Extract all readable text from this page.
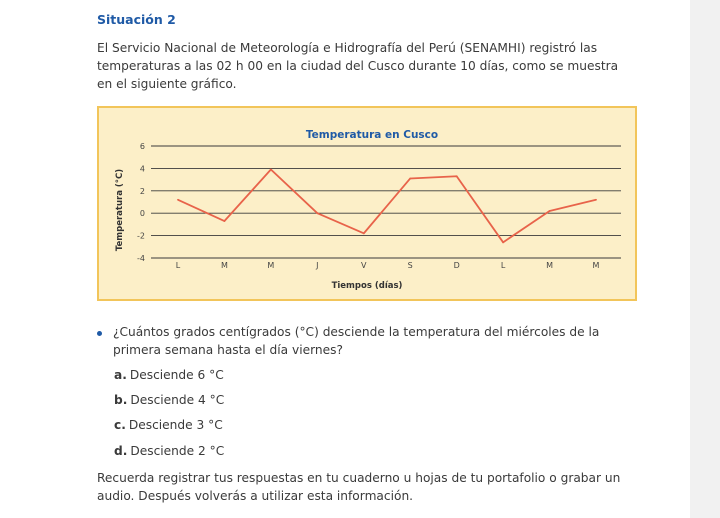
Situación 2
El Servicio Nacional de Meteorología e Hidrografía del Perú (SENAMHI) registró las
temperaturas a las 02 h 00 en la ciudad del Cusco durante 10 días, como se muestra
en el siguiente gráfico.
Temperatura en Cusco
Temperatura (°C)
Tiempos (días)
6
4
2
0
-2
-4
L	M	M	J	V	S	D	L	M	M
¿Cuántos grados centígrados (°C) desciende la temperatura del miércoles de la
primera semana hasta el día viernes?
a. Desciende 6 °C
b. Desciende 4 °C
c. Desciende 3 °C
d. Desciende 2 °C
Recuerda registrar tus respuestas en tu cuaderno u hojas de tu portafolio o grabar un
audio. Después volverás a utilizar esta información.
